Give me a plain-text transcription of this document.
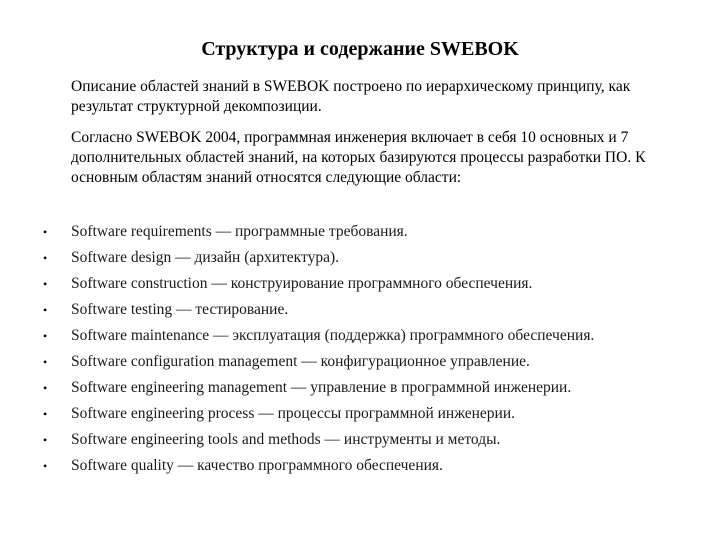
Структура и содержание SWEBOK

Описание областей знаний в SWEBOK построено по иерархическому принципу, как результат структурной декомпозиции.

Согласно SWEBOK 2004, программная инженерия включает в себя 10 основных и 7 дополнительных областей знаний, на которых базируются процессы разработки ПО. К основным областям знаний относятся следующие области:

•	Software requirements — программные требования.
•	Software design — дизайн (архитектура).
•	Software construction — конструирование программного обеспечения.
•	Software testing — тестирование.
•	Software maintenance — эксплуатация (поддержка) программного обеспечения.
•	Software configuration management — конфигурационное управление.
•	Software engineering management — управление в программной инженерии.
•	Software engineering process — процессы программной инженерии.
•	Software engineering tools and methods — инструменты и методы.
•	Software quality — качество программного обеспечения.
